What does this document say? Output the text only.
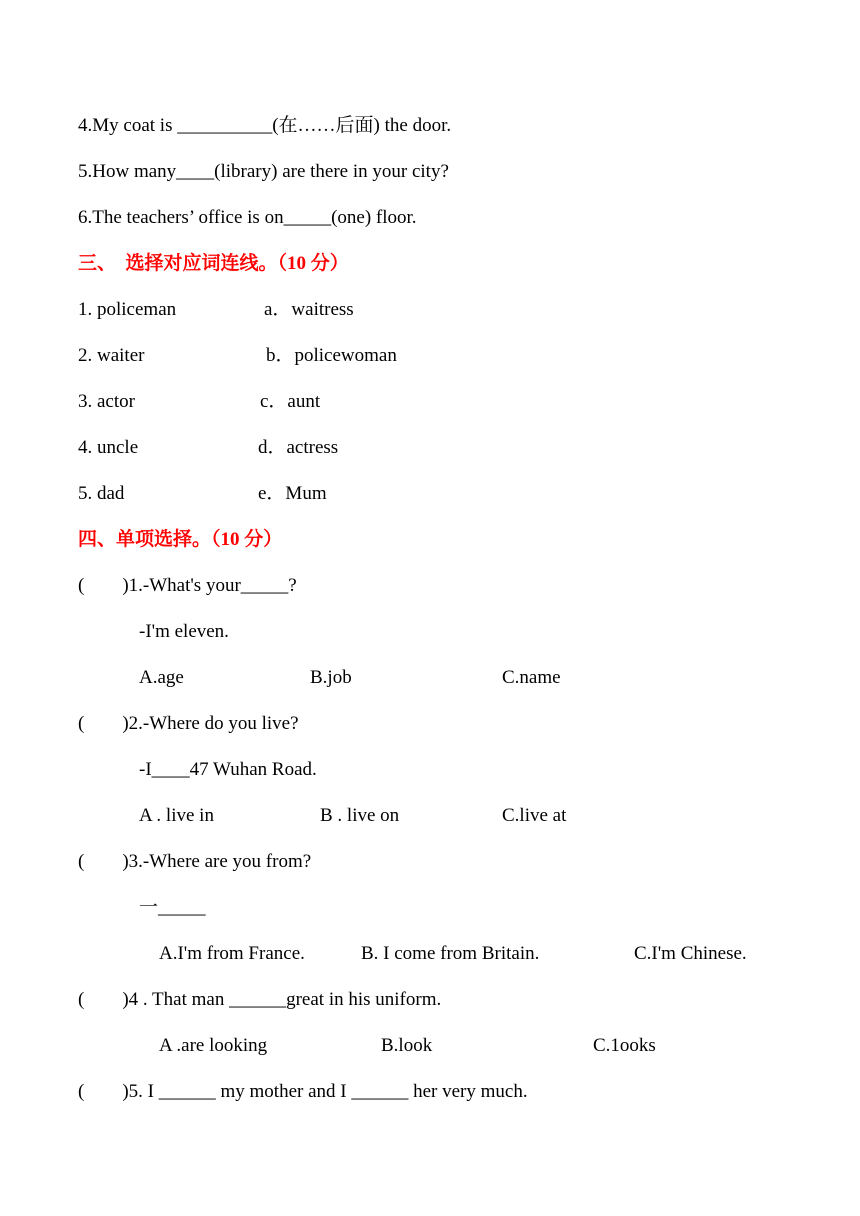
4.My coat is __________(在……后面) the door.
5.How many____(library) are there in your city?
6.The teachers’ office is on_____(one) floor.
三、  选择对应词连线。（10 分）
1. policeman	a．waitress
2. waiter	b．policewoman
3. actor	c．aunt
4. uncle	d．actress
5. dad	e．Mum
四、单项选择。（10 分）
(        )1.-What's your_____?
-I'm eleven.
A.age	B.job	C.name
(        )2.-Where do you live?
-I____47 Wuhan Road.
A . live in	B . live on	C.live at
(        )3.-Where are you from?
一_____
A.I'm from France.	B. I come from Britain.	C.I'm Chinese.
(        )4 . That man ______great in his uniform.
A .are looking	B.look	C.1ooks
(        )5. I ______ my mother and I ______ her very much.
